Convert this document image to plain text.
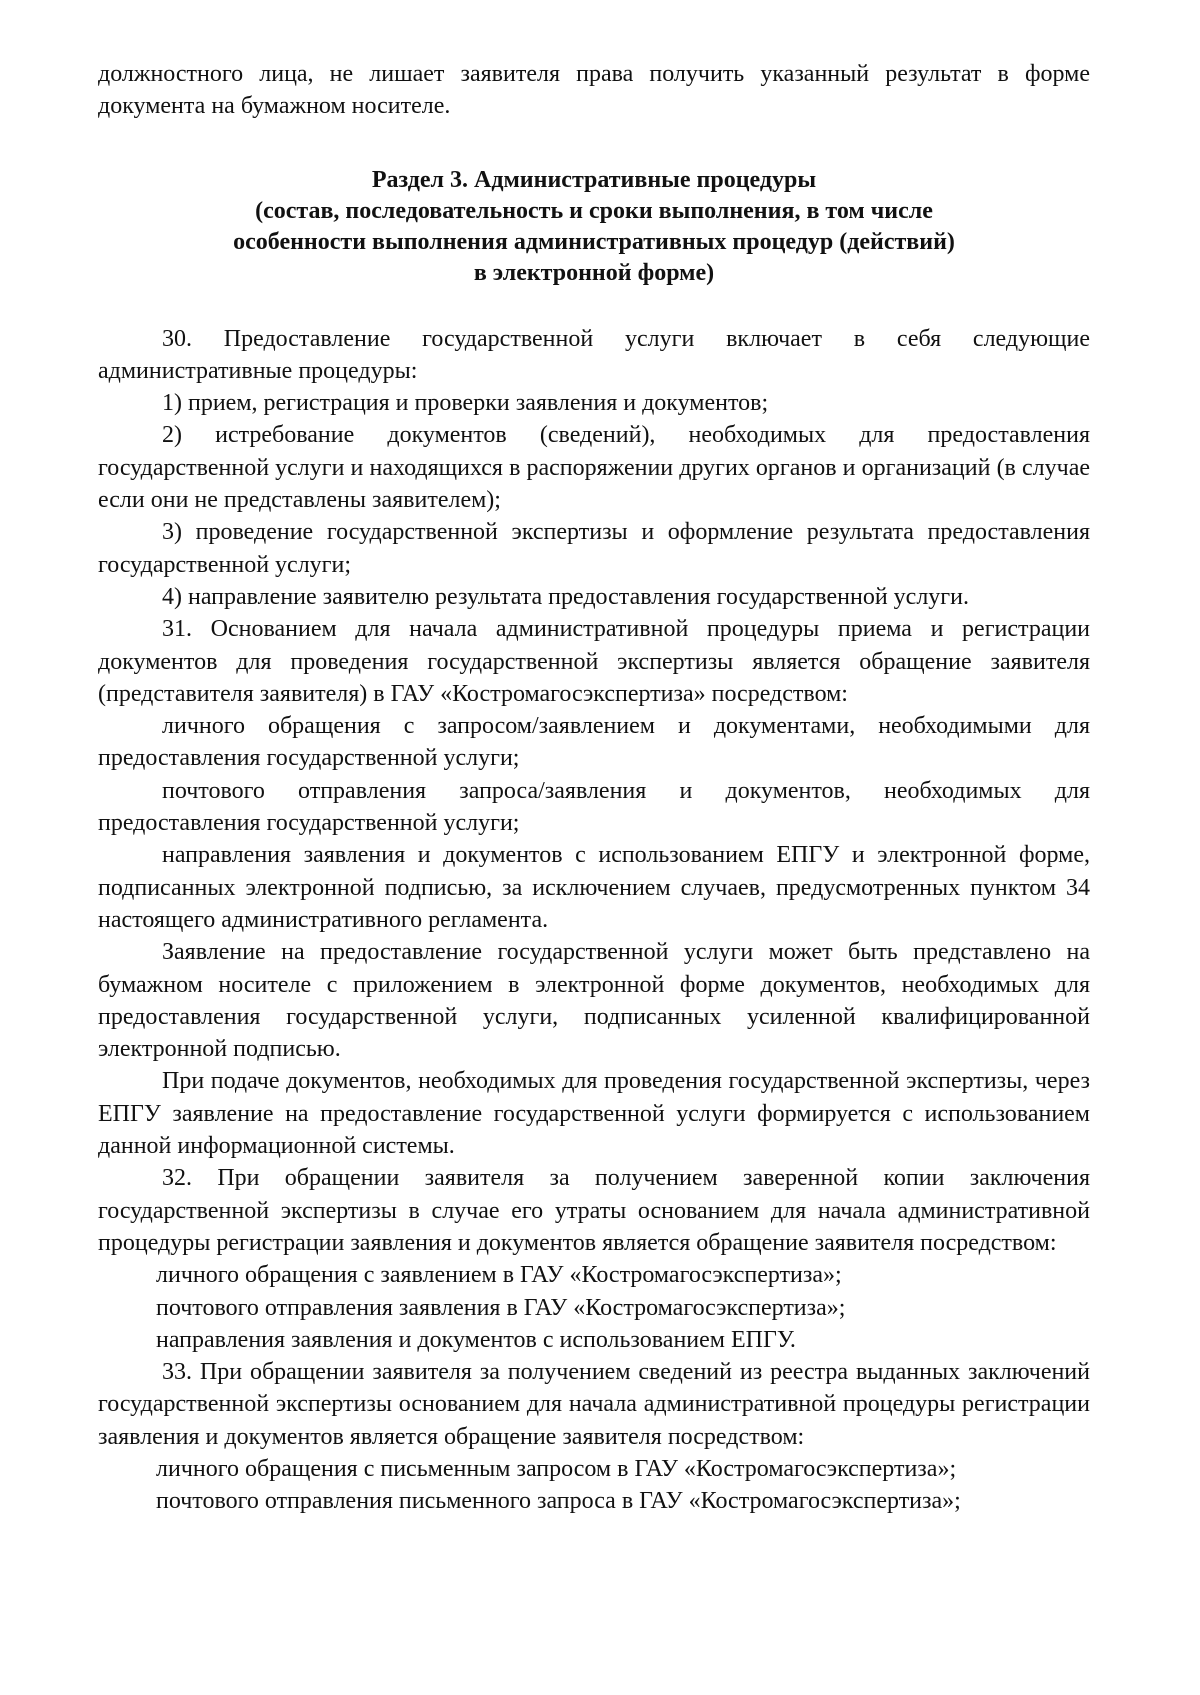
должностного лица, не лишает заявителя права получить указанный результат в форме документа на бумажном носителе.

Раздел 3. Административные процедуры
(состав, последовательность и сроки выполнения, в том числе
особенности выполнения административных процедур (действий)
в электронной форме)

30. Предоставление государственной услуги включает в себя следующие административные процедуры:

1) прием, регистрация и проверки заявления и документов;

2) истребование документов (сведений), необходимых для предоставления государственной услуги и находящихся в распоряжении других органов и организаций (в случае если они не представлены заявителем);

3) проведение государственной экспертизы и оформление результата предоставления государственной услуги;

4) направление заявителю результата предоставления государственной услуги.

31. Основанием для начала административной процедуры приема и регистрации документов для проведения государственной экспертизы является обращение заявителя (представителя заявителя) в ГАУ «Костромагосэкспертиза» посредством:

личного обращения с запросом/заявлением и документами, необходимыми для предоставления государственной услуги;

почтового отправления запроса/заявления и документов, необходимых для предоставления государственной услуги;

направления заявления и документов с использованием ЕПГУ и электронной форме, подписанных электронной подписью, за исключением случаев, предусмотренных пунктом 34 настоящего административного регламента.

Заявление на предоставление государственной услуги может быть представлено на бумажном носителе с приложением в электронной форме документов, необходимых для предоставления государственной услуги, подписанных усиленной квалифицированной электронной подписью.

При подаче документов, необходимых для проведения государственной экспертизы, через ЕПГУ заявление на предоставление государственной услуги формируется с использованием данной информационной системы.

32. При обращении заявителя за получением заверенной копии заключения государственной экспертизы в случае его утраты основанием для начала административной процедуры регистрации заявления и документов является обращение заявителя посредством:

личного обращения с заявлением в ГАУ «Костромагосэкспертиза»;

почтового отправления заявления в ГАУ «Костромагосэкспертиза»;

направления заявления и документов с использованием ЕПГУ.

33. При обращении заявителя за получением сведений из реестра выданных заключений государственной экспертизы основанием для начала административной процедуры регистрации заявления и документов является обращение заявителя посредством:

личного обращения с письменным запросом в ГАУ «Костромагосэкспертиза»;

почтового отправления письменного запроса в ГАУ «Костромагосэкспертиза»;
